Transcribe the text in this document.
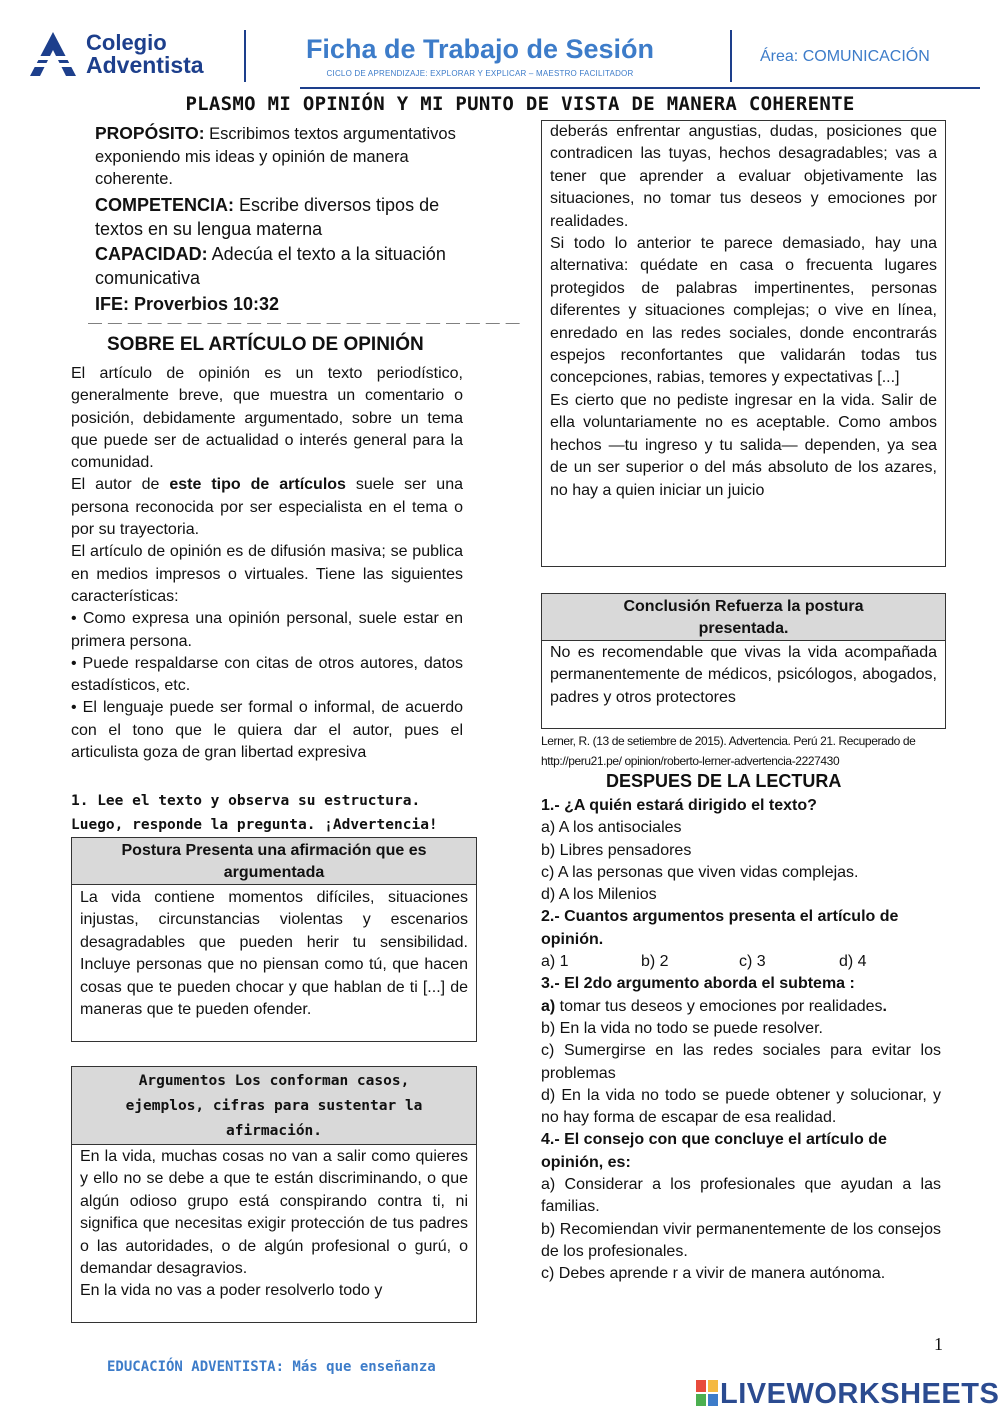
Colegio
Adventista
Ficha de Trabajo de Sesión
CICLO DE APRENDIZAJE: EXPLORAR Y EXPLICAR – MAESTRO FACILITADOR
Área: COMUNICACIÓN
PLASMO MI OPINIÓN Y MI PUNTO DE VISTA DE MANERA COHERENTE

PROPÓSITO: Escribimos textos argumentativos exponiendo mis ideas y opinión de manera coherente.

COMPETENCIA: Escribe diversos tipos de textos en su lengua materna

CAPACIDAD: Adecúa el texto a la situación comunicativa

IFE: Proverbios 10:32

— — — — — — — — — — — — — — — — — — — — — —
SOBRE EL ARTÍCULO DE OPINIÓN

El artículo de opinión es un texto periodístico, generalmente breve, que muestra un comentario o posición, debidamente argumentado, sobre un tema que puede ser de actualidad o interés general para la comunidad.

El autor de este tipo de artículos suele ser una persona reconocida por ser especialista en el tema o por su trayectoria.

El artículo de opinión es de difusión masiva; se publica en medios impresos o virtuales. Tiene las siguientes características:

• Como expresa una opinión personal, suele estar en primera persona.

• Puede respaldarse con citas de otros autores, datos estadísticos, etc.

• El lenguaje puede ser formal o informal, de acuerdo con el tono que le quiera dar el autor, pues el articulista goza de gran libertad expresiva

1. Lee el texto y observa su estructura. Luego, responde la pregunta. ¡Advertencia!
Postura Presenta una afirmación que es argumentada
La vida contiene momentos difíciles, situaciones injustas, circunstancias violentas y escenarios desagradables que pueden herir tu sensibilidad. Incluye personas que no piensan como tú, que hacen cosas que te pueden chocar y que hablan de ti [...] de maneras que te pueden ofender.
Argumentos Los conforman casos, ejemplos, cifras para sustentar la afirmación.

En la vida, muchas cosas no van a salir como quieres y ello no se debe a que te están discriminando, o que algún odioso grupo está conspirando contra ti, ni significa que necesitas exigir protección de tus padres o las autoridades, o de algún profesional o gurú, o demandar desagravios.

En la vida no vas a poder resolverlo todo y

deberás enfrentar angustias, dudas, posiciones que contradicen las tuyas, hechos desagradables; vas a tener que aprender a evaluar objetivamente las situaciones, no tomar tus deseos y emociones por realidades.

Si todo lo anterior te parece demasiado, hay una alternativa: quédate en casa o frecuenta lugares protegidos de palabras impertinentes, personas diferentes y situaciones complejas; o vive en línea, enredado en las redes sociales, donde encontrarás espejos reconfortantes que validarán todas tus concepciones, rabias, temores y expectativas [...]

Es cierto que no pediste ingresar en la vida. Salir de ella voluntariamente no es aceptable. Como ambos hechos —tu ingreso y tu salida— dependen, ya sea de un ser superior o del más absoluto de los azares, no hay a quien iniciar un juicio

Conclusión Refuerza la postura presentada.
No es recomendable que vivas la vida acompañada permanentemente de médicos, psicólogos, abogados, padres y otros protectores
Lerner, R. (13 de setiembre de 2015). Advertencia. Perú 21. Recuperado de http://peru21.pe/ opinion/roberto-lerner-advertencia-2227430
DESPUES DE LA LECTURA

1.- ¿A quién estará dirigido el texto?

a) A los antisociales

b) Libres pensadores

c) A las personas que viven vidas complejas.

d) A los Milenios

2.- Cuantos argumentos presenta el artículo de opinión.

a) 1	b) 2	c) 3	d) 4

3.- El 2do argumento aborda el subtema :

a) tomar tus deseos y emociones por realidades.

b) En la vida no todo se puede resolver.

c) Sumergirse en las redes sociales para evitar los problemas

d) En la vida no todo se puede obtener y solucionar, y no hay forma de escapar de esa realidad.

4.- El consejo con que concluye el artículo de opinión, es:

a) Considerar a los profesionales que ayudan a las familias.

b) Recomiendan vivir permanentemente de los consejos de los profesionales.

c) Debes aprende r a vivir de manera autónoma.

1
EDUCACIÓN ADVENTISTA: Más que enseñanza
LIVEWORKSHEETS
